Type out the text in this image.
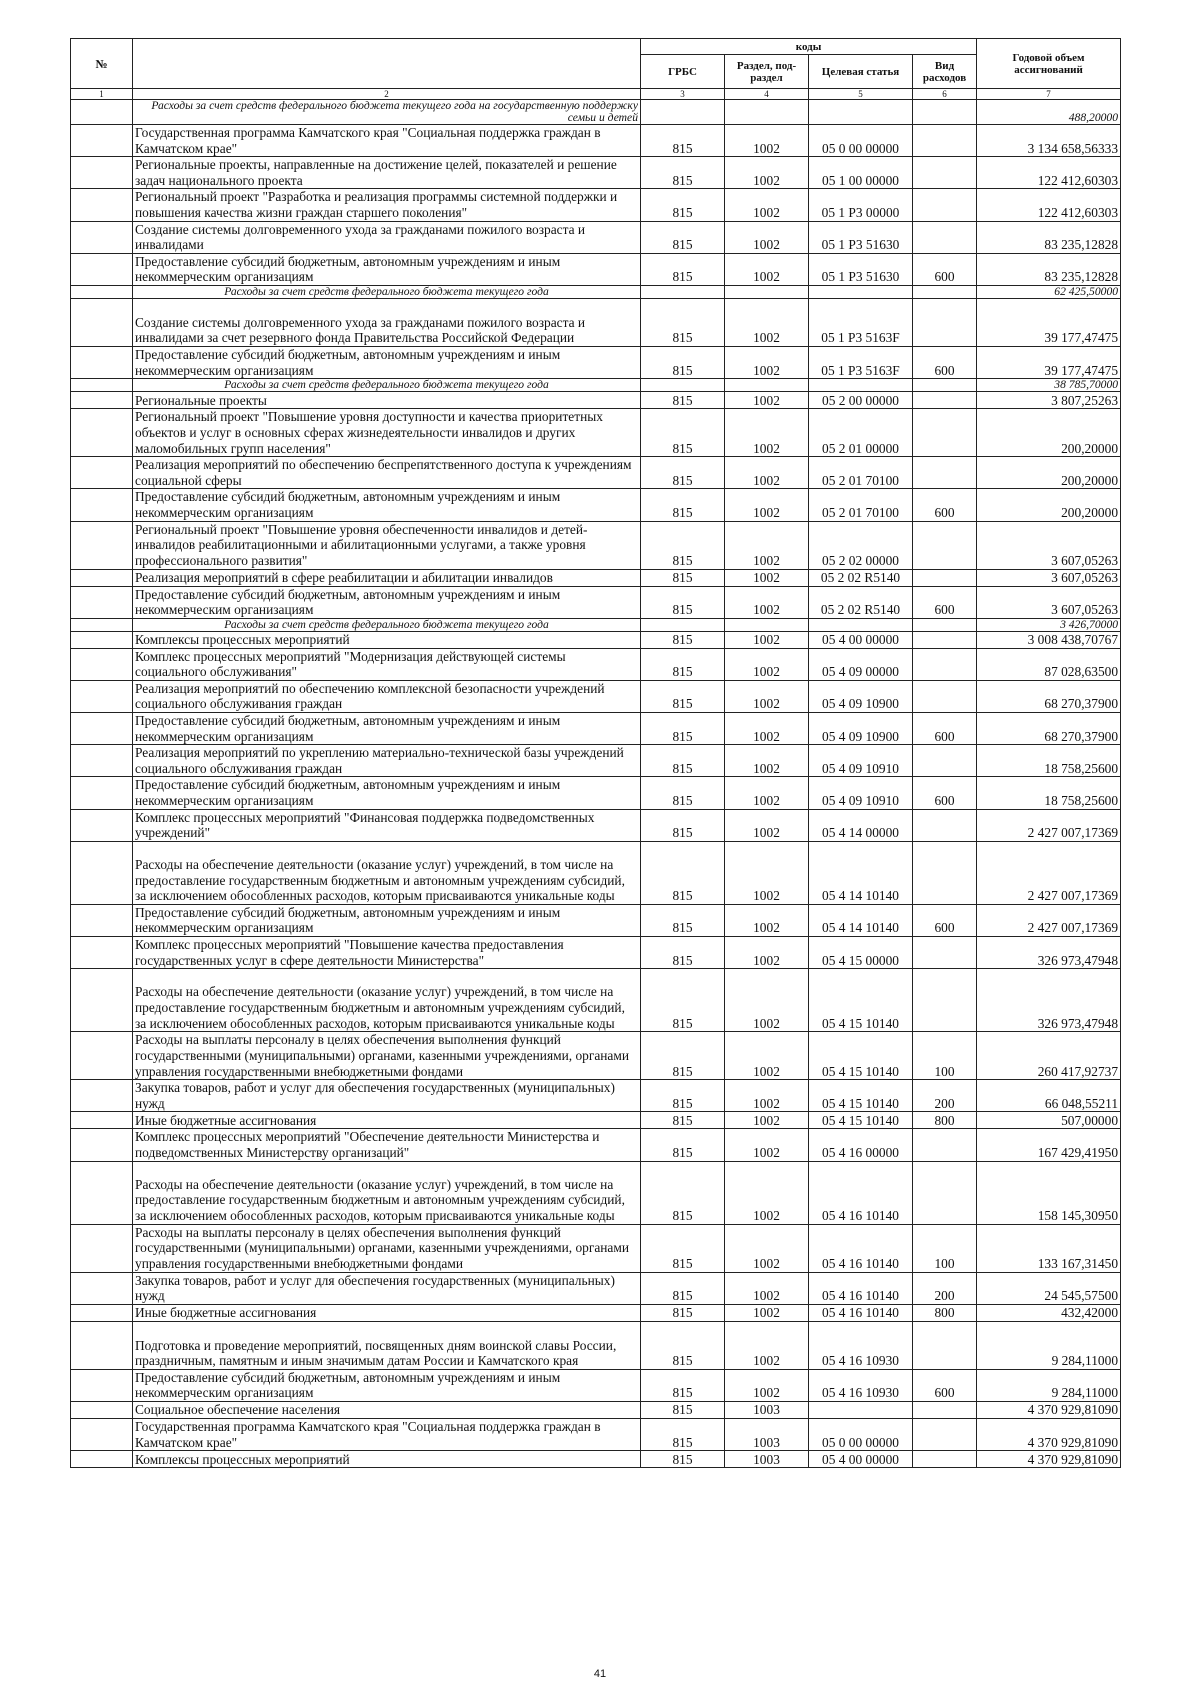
№		коды				Годовой объем ассигнований
		ГРБС	Раздел, под-раздел	Целевая статья	Вид расходов	
1	2	3	4	5	6	7
	Расходы за счет средств федерального бюджета текущего года на государственную поддержку семьи и детей					488,20000
	Государственная программа Камчатского края "Социальная поддержка граждан в Камчатском крае"	815	1002	05 0 00 00000		3 134 658,56333
	Региональные проекты, направленные на достижение целей, показателей и решение задач национального проекта	815	1002	05 1 00 00000		122 412,60303
	Региональный проект "Разработка и реализация программы системной поддержки и повышения качества жизни граждан старшего поколения"	815	1002	05 1 P3 00000		122 412,60303
	Создание системы долговременного ухода за гражданами пожилого возраста и инвалидами	815	1002	05 1 P3 51630		83 235,12828
	Предоставление субсидий бюджетным, автономным учреждениям и иным некоммерческим организациям	815	1002	05 1 P3 51630	600	83 235,12828
	Расходы за счет средств федерального бюджета текущего года					62 425,50000
	Создание системы долговременного ухода за гражданами пожилого возраста и инвалидами за счет резервного фонда Правительства Российской Федерации	815	1002	05 1 P3 5163F		39 177,47475
	Предоставление субсидий бюджетным, автономным учреждениям и иным некоммерческим организациям	815	1002	05 1 P3 5163F	600	39 177,47475
	Расходы за счет средств федерального бюджета текущего года					38 785,70000
	Региональные проекты	815	1002	05 2 00 00000		3 807,25263
	Региональный проект "Повышение уровня доступности и качества приоритетных объектов и услуг в основных сферах жизнедеятельности инвалидов и других маломобильных групп населения"	815	1002	05 2 01 00000		200,20000
	Реализация мероприятий по обеспечению беспрепятственного доступа к учреждениям социальной сферы	815	1002	05 2 01 70100		200,20000
	Предоставление субсидий бюджетным, автономным учреждениям и иным некоммерческим организациям	815	1002	05 2 01 70100	600	200,20000
	Региональный проект "Повышение уровня обеспеченности инвалидов и детей-инвалидов реабилитационными и абилитационными услугами, а также уровня профессионального развития"	815	1002	05 2 02 00000		3 607,05263
	Реализация мероприятий в сфере реабилитации и абилитации инвалидов	815	1002	05 2 02 R5140		3 607,05263
	Предоставление субсидий бюджетным, автономным учреждениям и иным некоммерческим организациям	815	1002	05 2 02 R5140	600	3 607,05263
	Расходы за счет средств федерального бюджета текущего года					3 426,70000
	Комплексы процессных мероприятий	815	1002	05 4 00 00000		3 008 438,70767
	Комплекс процессных мероприятий "Модернизация действующей системы социального обслуживания"	815	1002	05 4 09 00000		87 028,63500
	Реализация мероприятий по обеспечению комплексной безопасности учреждений социального обслуживания граждан	815	1002	05 4 09 10900		68 270,37900
	Предоставление субсидий бюджетным, автономным учреждениям и иным некоммерческим организациям	815	1002	05 4 09 10900	600	68 270,37900
	Реализация мероприятий по укреплению материально-технической базы учреждений социального обслуживания граждан	815	1002	05 4 09 10910		18 758,25600
	Предоставление субсидий бюджетным, автономным учреждениям и иным некоммерческим организациям	815	1002	05 4 09 10910	600	18 758,25600
	Комплекс процессных мероприятий "Финансовая поддержка подведомственных учреждений"	815	1002	05 4 14 00000		2 427 007,17369
	Расходы на обеспечение деятельности (оказание услуг) учреждений, в том числе на предоставление государственным бюджетным и автономным учреждениям субсидий, за исключением обособленных расходов, которым присваиваются уникальные коды	815	1002	05 4 14 10140		2 427 007,17369
	Предоставление субсидий бюджетным, автономным учреждениям и иным некоммерческим организациям	815	1002	05 4 14 10140	600	2 427 007,17369
	Комплекс процессных мероприятий "Повышение качества предоставления государственных услуг в сфере деятельности Министерства"	815	1002	05 4 15 00000		326 973,47948
	Расходы на обеспечение деятельности (оказание услуг) учреждений, в том числе на предоставление государственным бюджетным и автономным учреждениям субсидий, за исключением обособленных расходов, которым присваиваются уникальные коды	815	1002	05 4 15 10140		326 973,47948
	Расходы на выплаты персоналу в целях обеспечения выполнения функций государственными (муниципальными) органами, казенными учреждениями, органами управления государственными внебюджетными фондами	815	1002	05 4 15 10140	100	260 417,92737
	Закупка товаров, работ и услуг для обеспечения государственных (муниципальных) нужд	815	1002	05 4 15 10140	200	66 048,55211
	Иные бюджетные ассигнования	815	1002	05 4 15 10140	800	507,00000
	Комплекс процессных мероприятий "Обеспечение деятельности Министерства и подведомственных Министерству организаций"	815	1002	05 4 16 00000		167 429,41950
	Расходы на обеспечение деятельности (оказание услуг) учреждений, в том числе на предоставление государственным бюджетным и автономным учреждениям субсидий, за исключением обособленных расходов, которым присваиваются уникальные коды	815	1002	05 4 16 10140		158 145,30950
	Расходы на выплаты персоналу в целях обеспечения выполнения функций государственными (муниципальными) органами, казенными учреждениями, органами управления государственными внебюджетными фондами	815	1002	05 4 16 10140	100	133 167,31450
	Закупка товаров, работ и услуг для обеспечения государственных (муниципальных) нужд	815	1002	05 4 16 10140	200	24 545,57500
	Иные бюджетные ассигнования	815	1002	05 4 16 10140	800	432,42000
	Подготовка и проведение мероприятий, посвященных дням воинской славы России, праздничным, памятным и иным значимым датам России и Камчатского края	815	1002	05 4 16 10930		9 284,11000
	Предоставление субсидий бюджетным, автономным учреждениям и иным некоммерческим организациям	815	1002	05 4 16 10930	600	9 284,11000
	Социальное обеспечение населения	815	1003			4 370 929,81090
	Государственная программа Камчатского края "Социальная поддержка граждан в Камчатском крае"	815	1003	05 0 00 00000		4 370 929,81090
	Комплексы процессных мероприятий	815	1003	05 4 00 00000		4 370 929,81090
41
